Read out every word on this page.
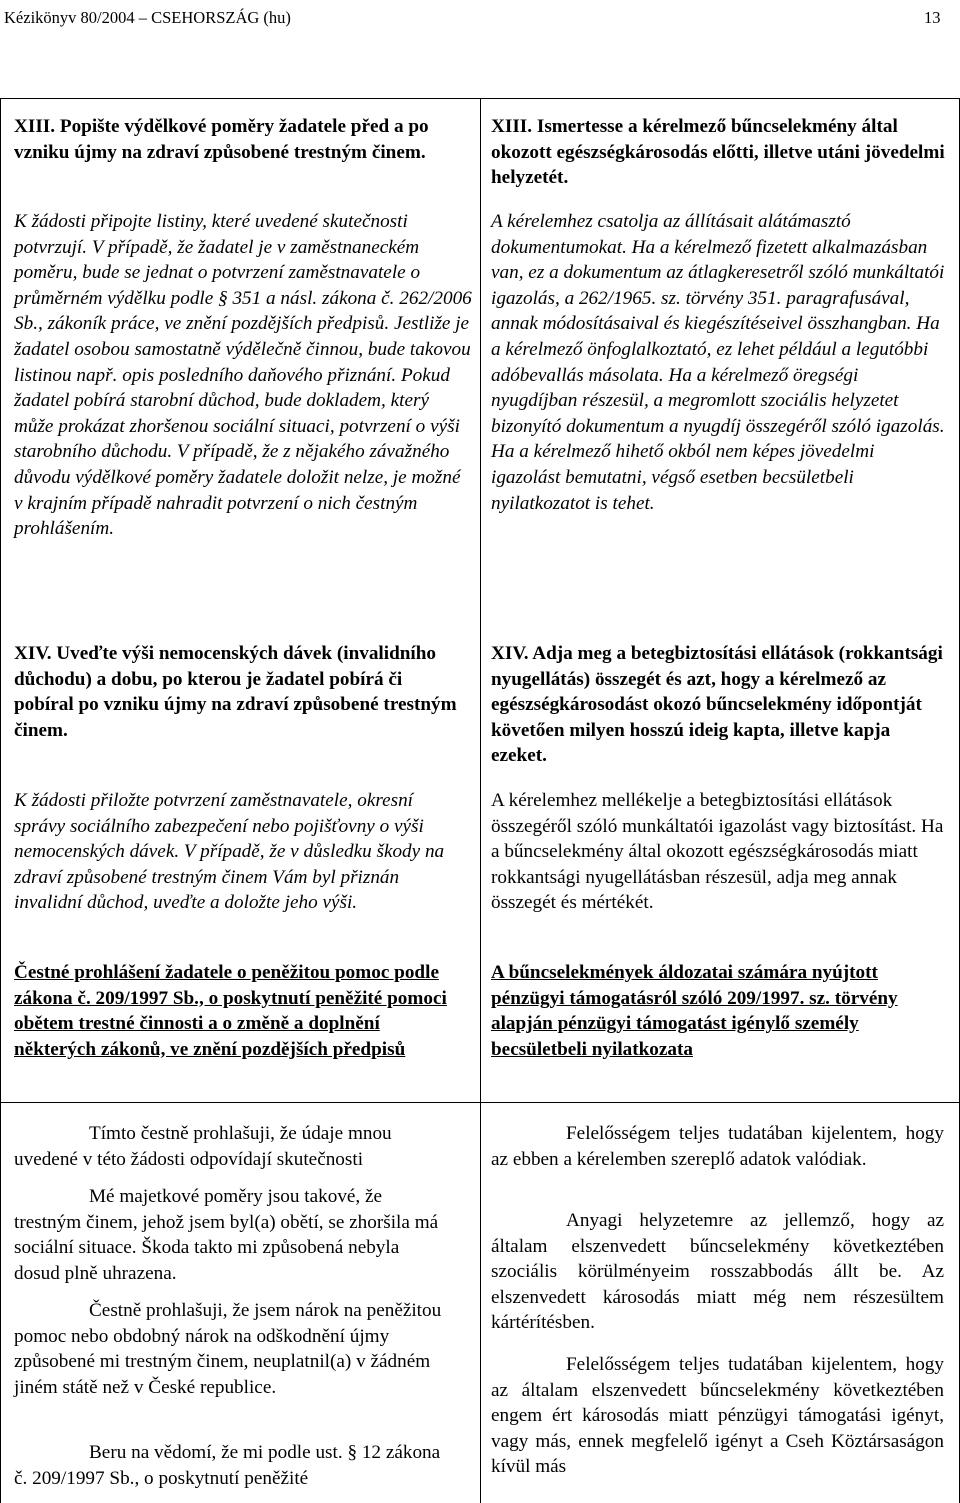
Kézikönyv 80/2004 – CSEHORSZÁG (hu)	13

XIII. Popište výdělkové poměry žadatele před a po vzniku újmy na zdraví způsobené trestným činem.

K žádosti připojte listiny, které uvedené skutečnosti potvrzují. V případě, že žadatel je v zaměstnaneckém poměru, bude se jednat o potvrzení zaměstnavatele o průměrném výdělku podle § 351 a násl. zákona č. 262/2006 Sb., zákoník práce, ve znění pozdějších předpisů. Jestliže je žadatel osobou samostatně výdělečně činnou, bude takovou listinou např. opis posledního daňového přiznání. Pokud žadatel pobírá starobní důchod, bude dokladem, který může prokázat zhoršenou sociální situaci, potvrzení o výši starobního důchodu. V případě, že z nějakého závažného důvodu výdělkové poměry žadatele doložit nelze, je možné v krajním případě nahradit potvrzení o nich čestným prohlášením.

XIV. Uveďte výši nemocenských dávek (invalidního důchodu) a dobu, po kterou je žadatel pobírá či pobíral po vzniku újmy na zdraví způsobené trestným činem.

K žádosti přiložte potvrzení zaměstnavatele, okresní správy sociálního zabezpečení nebo pojišťovny o výši nemocenských dávek. V případě, že v důsledku škody na zdraví způsobené trestným činem Vám byl přiznán invalidní důchod, uveďte a doložte jeho výši.

Čestné prohlášení žadatele o peněžitou pomoc podle zákona č. 209/1997 Sb., o poskytnutí peněžité pomoci obětem trestné činnosti a o změně a doplnění některých zákonů, ve znění pozdějších předpisů

Tímto čestně prohlašuji, že údaje mnou uvedené v této žádosti odpovídají skutečnosti

Mé majetkové poměry jsou takové, že trestným činem, jehož jsem byl(a) obětí, se zhoršila má sociální situace. Škoda takto mi způsobená nebyla dosud plně uhrazena.

Čestně prohlašuji, že jsem nárok na peněžitou pomoc nebo obdobný nárok na odškodnění újmy způsobené mi trestným činem, neuplatnil(a) v žádném jiném státě než v České republice.

Beru na vědomí, že mi podle ust. § 12 zákona č. 209/1997 Sb., o poskytnutí peněžité

XIII. Ismertesse a kérelmező bűncselekmény által okozott egészségkárosodás előtti, illetve utáni jövedelmi helyzetét.

A kérelemhez csatolja az állításait alátámasztó dokumentumokat. Ha a kérelmező fizetett alkalmazásban van, ez a dokumentum az átlagkeresetről szóló munkáltatói igazolás, a 262/1965. sz. törvény 351. paragrafusával, annak módosításaival és kiegészítéseivel összhangban. Ha a kérelmező önfoglalkoztató, ez lehet például a legutóbbi adóbevallás másolata. Ha a kérelmező öregségi nyugdíjban részesül, a megromlott szociális helyzetet bizonyító dokumentum a nyugdíj összegéről szóló igazolás. Ha a kérelmező hihető okból nem képes jövedelmi igazolást bemutatni, végső esetben becsületbeli nyilatkozatot is tehet.

XIV. Adja meg a betegbiztosítási ellátások (rokkantsági nyugellátás) összegét és azt, hogy a kérelmező az egészségkárosodást okozó bűncselekmény időpontját követően milyen hosszú ideig kapta, illetve kapja ezeket.

A kérelemhez mellékelje a betegbiztosítási ellátások összegéről szóló munkáltatói igazolást vagy biztosítást. Ha a bűncselekmény által okozott egészségkárosodás miatt rokkantsági nyugellátásban részesül, adja meg annak összegét és mértékét.

A bűncselekmények áldozatai számára nyújtott pénzügyi támogatásról szóló 209/1997. sz. törvény alapján pénzügyi támogatást igénylő személy becsületbeli nyilatkozata

Felelősségem teljes tudatában kijelentem, hogy az ebben a kérelemben szereplő adatok valódiak.

Anyagi helyzetemre az jellemző, hogy az általam elszenvedett bűncselekmény következtében szociális körülményeim rosszabbodás állt be. Az elszenvedett károsodás miatt még nem részesültem kártérítésben.

Felelősségem teljes tudatában kijelentem, hogy az általam elszenvedett bűncselekmény következtében engem ért károsodás miatt pénzügyi támogatási igényt, vagy más, ennek megfelelő igényt a Cseh Köztársaságon kívül más
